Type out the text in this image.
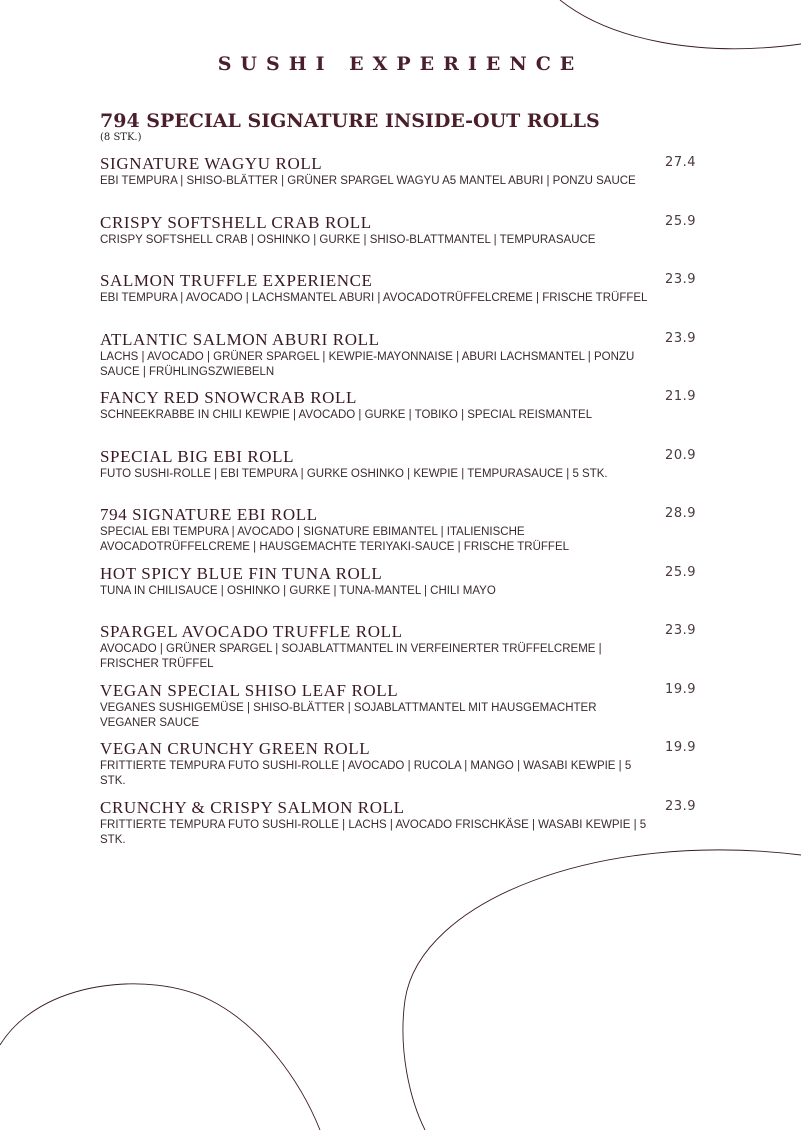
SUSHI EXPERIENCE
794 SPECIAL SIGNATURE INSIDE-OUT ROLLS
(8 STK.)
SIGNATURE WAGYU ROLL
EBI TEMPURA | SHISO-BLÄTTER | GRÜNER SPARGEL WAGYU A5 MANTEL ABURI | PONZU SAUCE
27.4
CRISPY SOFTSHELL CRAB ROLL
CRISPY SOFTSHELL CRAB | OSHINKO | GURKE | SHISO-BLATTMANTEL | TEMPURASAUCE
25.9
SALMON TRUFFLE EXPERIENCE
EBI TEMPURA | AVOCADO | LACHSMANTEL ABURI | AVOCADOTRÜFFELCREME | FRISCHE TRÜFFEL
23.9
ATLANTIC SALMON ABURI ROLL
LACHS | AVOCADO | GRÜNER SPARGEL | KEWPIE-MAYONNAISE | ABURI LACHSMANTEL | PONZU SAUCE | FRÜHLINGSZWIEBELN
23.9
FANCY RED SNOWCRAB ROLL
SCHNEEKRABBE IN CHILI KEWPIE | AVOCADO | GURKE | TOBIKO | SPECIAL REISMANTEL
21.9
SPECIAL BIG EBI ROLL
FUTO SUSHI-ROLLE | EBI TEMPURA | GURKE OSHINKO | KEWPIE | TEMPURASAUCE | 5 STK.
20.9
794 SIGNATURE EBI ROLL
SPECIAL EBI TEMPURA | AVOCADO | SIGNATURE EBIMANTEL | ITALIENISCHE AVOCADOTRÜFFELCREME | HAUSGEMACHTE TERIYAKI-SAUCE | FRISCHE TRÜFFEL
28.9
HOT SPICY BLUE FIN TUNA ROLL
TUNA IN CHILISAUCE | OSHINKO | GURKE | TUNA-MANTEL | CHILI MAYO
25.9
SPARGEL AVOCADO TRUFFLE ROLL
AVOCADO | GRÜNER SPARGEL | SOJABLATTMANTEL IN VERFEINERTER TRÜFFELCREME | FRISCHER TRÜFFEL
23.9
VEGAN SPECIAL SHISO LEAF ROLL
VEGANES SUSHIGEMÜSE | SHISO-BLÄTTER | SOJABLATTMANTEL MIT HAUSGEMACHTER VEGANER SAUCE
19.9
VEGAN CRUNCHY GREEN ROLL
FRITTIERTE TEMPURA FUTO SUSHI-ROLLE | AVOCADO | RUCOLA | MANGO | WASABI KEWPIE | 5 STK.
19.9
CRUNCHY & CRISPY SALMON ROLL
FRITTIERTE TEMPURA FUTO SUSHI-ROLLE | LACHS | AVOCADO FRISCHKÄSE | WASABI KEWPIE | 5 STK.
23.9
